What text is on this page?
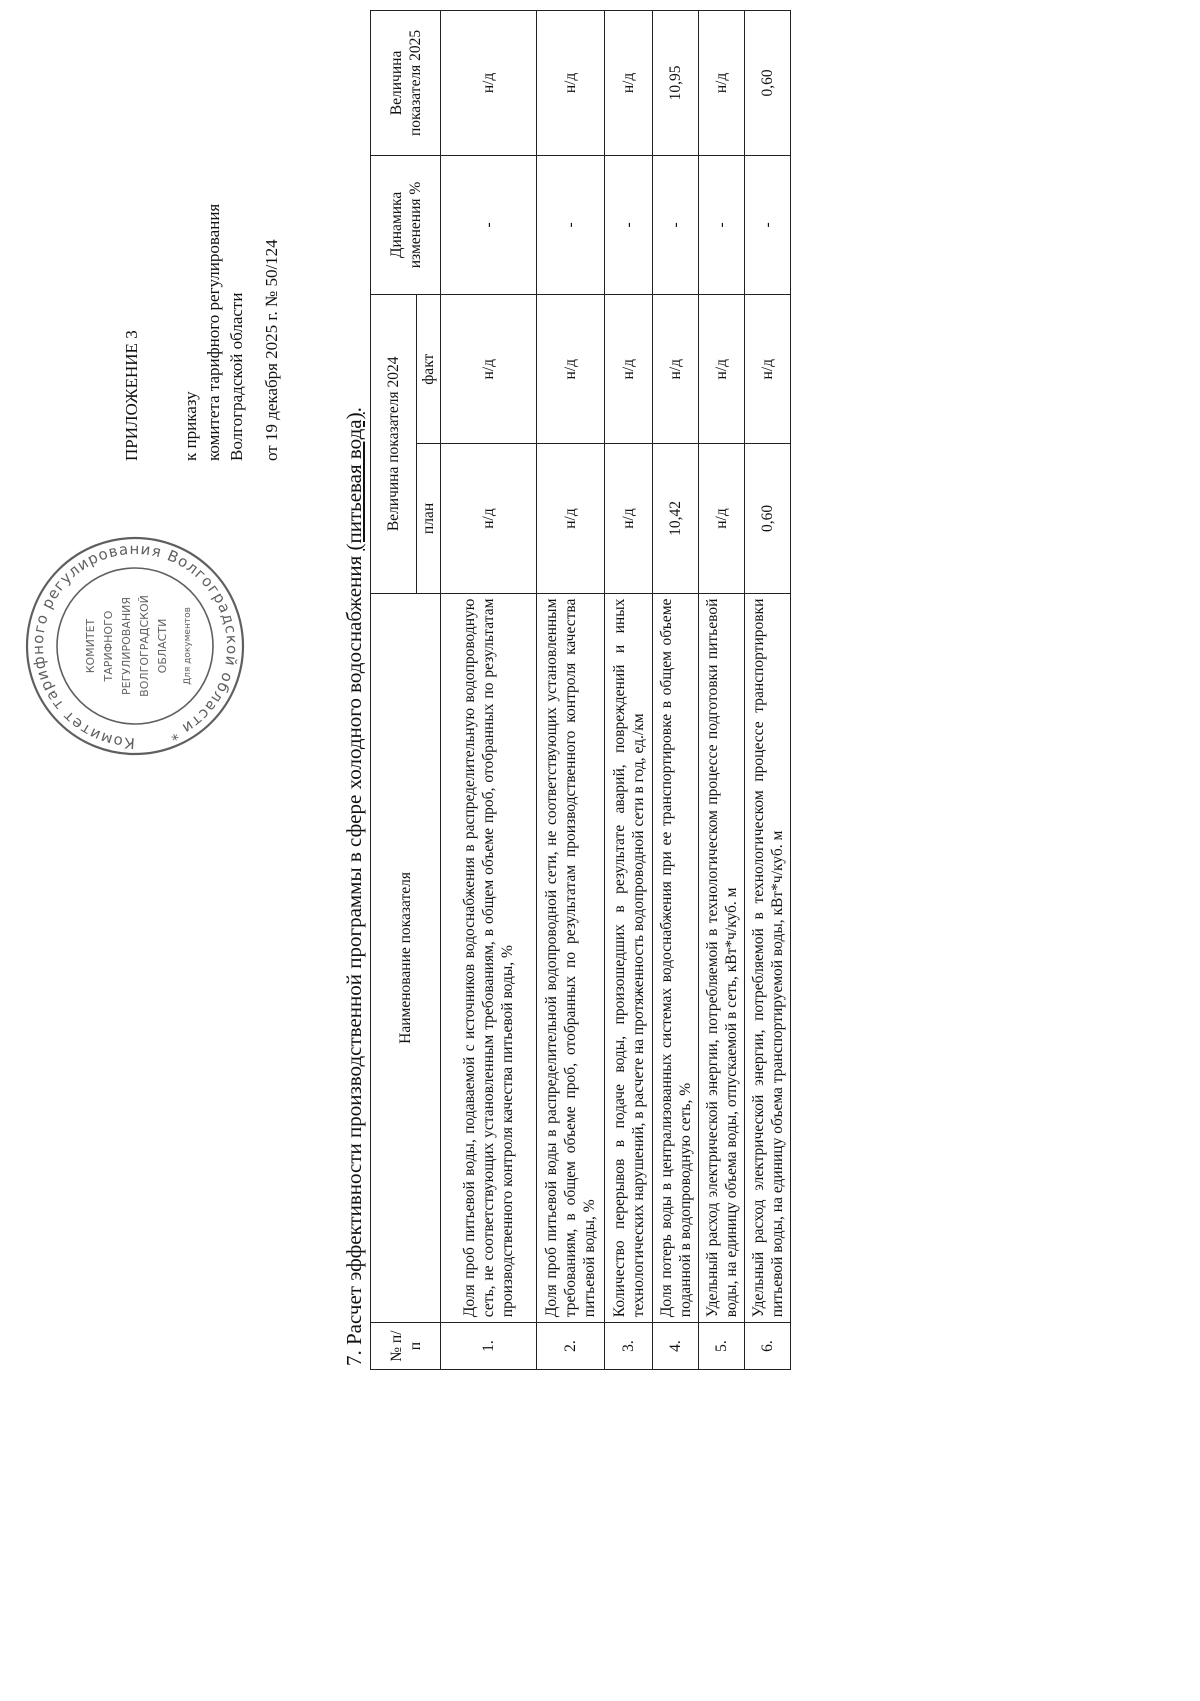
Комитет тарифного регулирования Волгоградской области *
КОМИТЕТ ТАРИФНОГО РЕГУЛИРОВАНИЯ ВОЛГОГРАДСКОЙ ОБЛАСТИ Для документов
ПРИЛОЖЕНИЕ 3 к приказу комитета тарифного регулирования Волгоградской области от 19 декабря 2025 г. № 50/124
7. Расчет эффективности производственной программы в сфере холодного водоснабжения (питьевая вода).
№ п/п	Наименование показателя	Величина показателя 2024		Динамика изменения %	Величина показателя 2025
		план	факт		
1.	Доля проб питьевой воды, подаваемой с источников водоснабжения в распределительную водопроводную сеть, не соответствующих установленным требованиям, в общем объеме проб, отобранных по результатам производственного контроля качества питьевой воды, %	н/д	н/д	-	н/д
2.	Доля проб питьевой воды в распределительной водопроводной сети, не соответствующих установленным требованиям, в общем объеме проб, отобранных по результатам производственного контроля качества питьевой воды, %	н/д	н/д	-	н/д
3.	Количество перерывов в подаче воды, произошедших в результате аварий, повреждений и иных технологических нарушений, в расчете на протяженность водопроводной сети в год, ед./км	н/д	н/д	-	н/д
4.	Доля потерь воды в централизованных системах водоснабжения при ее транспортировке в общем объеме поданной в водопроводную сеть, %	10,42	н/д	-	10,95
5.	Удельный расход электрической энергии, потребляемой в технологическом процессе подготовки питьевой воды, на единицу объема воды, отпускаемой в сеть, кВт*ч/куб. м	н/д	н/д	-	н/д
6.	Удельный расход электрической энергии, потребляемой в технологическом процессе транспортировки питьевой воды, на единицу объема транспортируемой воды, кВт*ч/куб. м	0,60	н/д	-	0,60
